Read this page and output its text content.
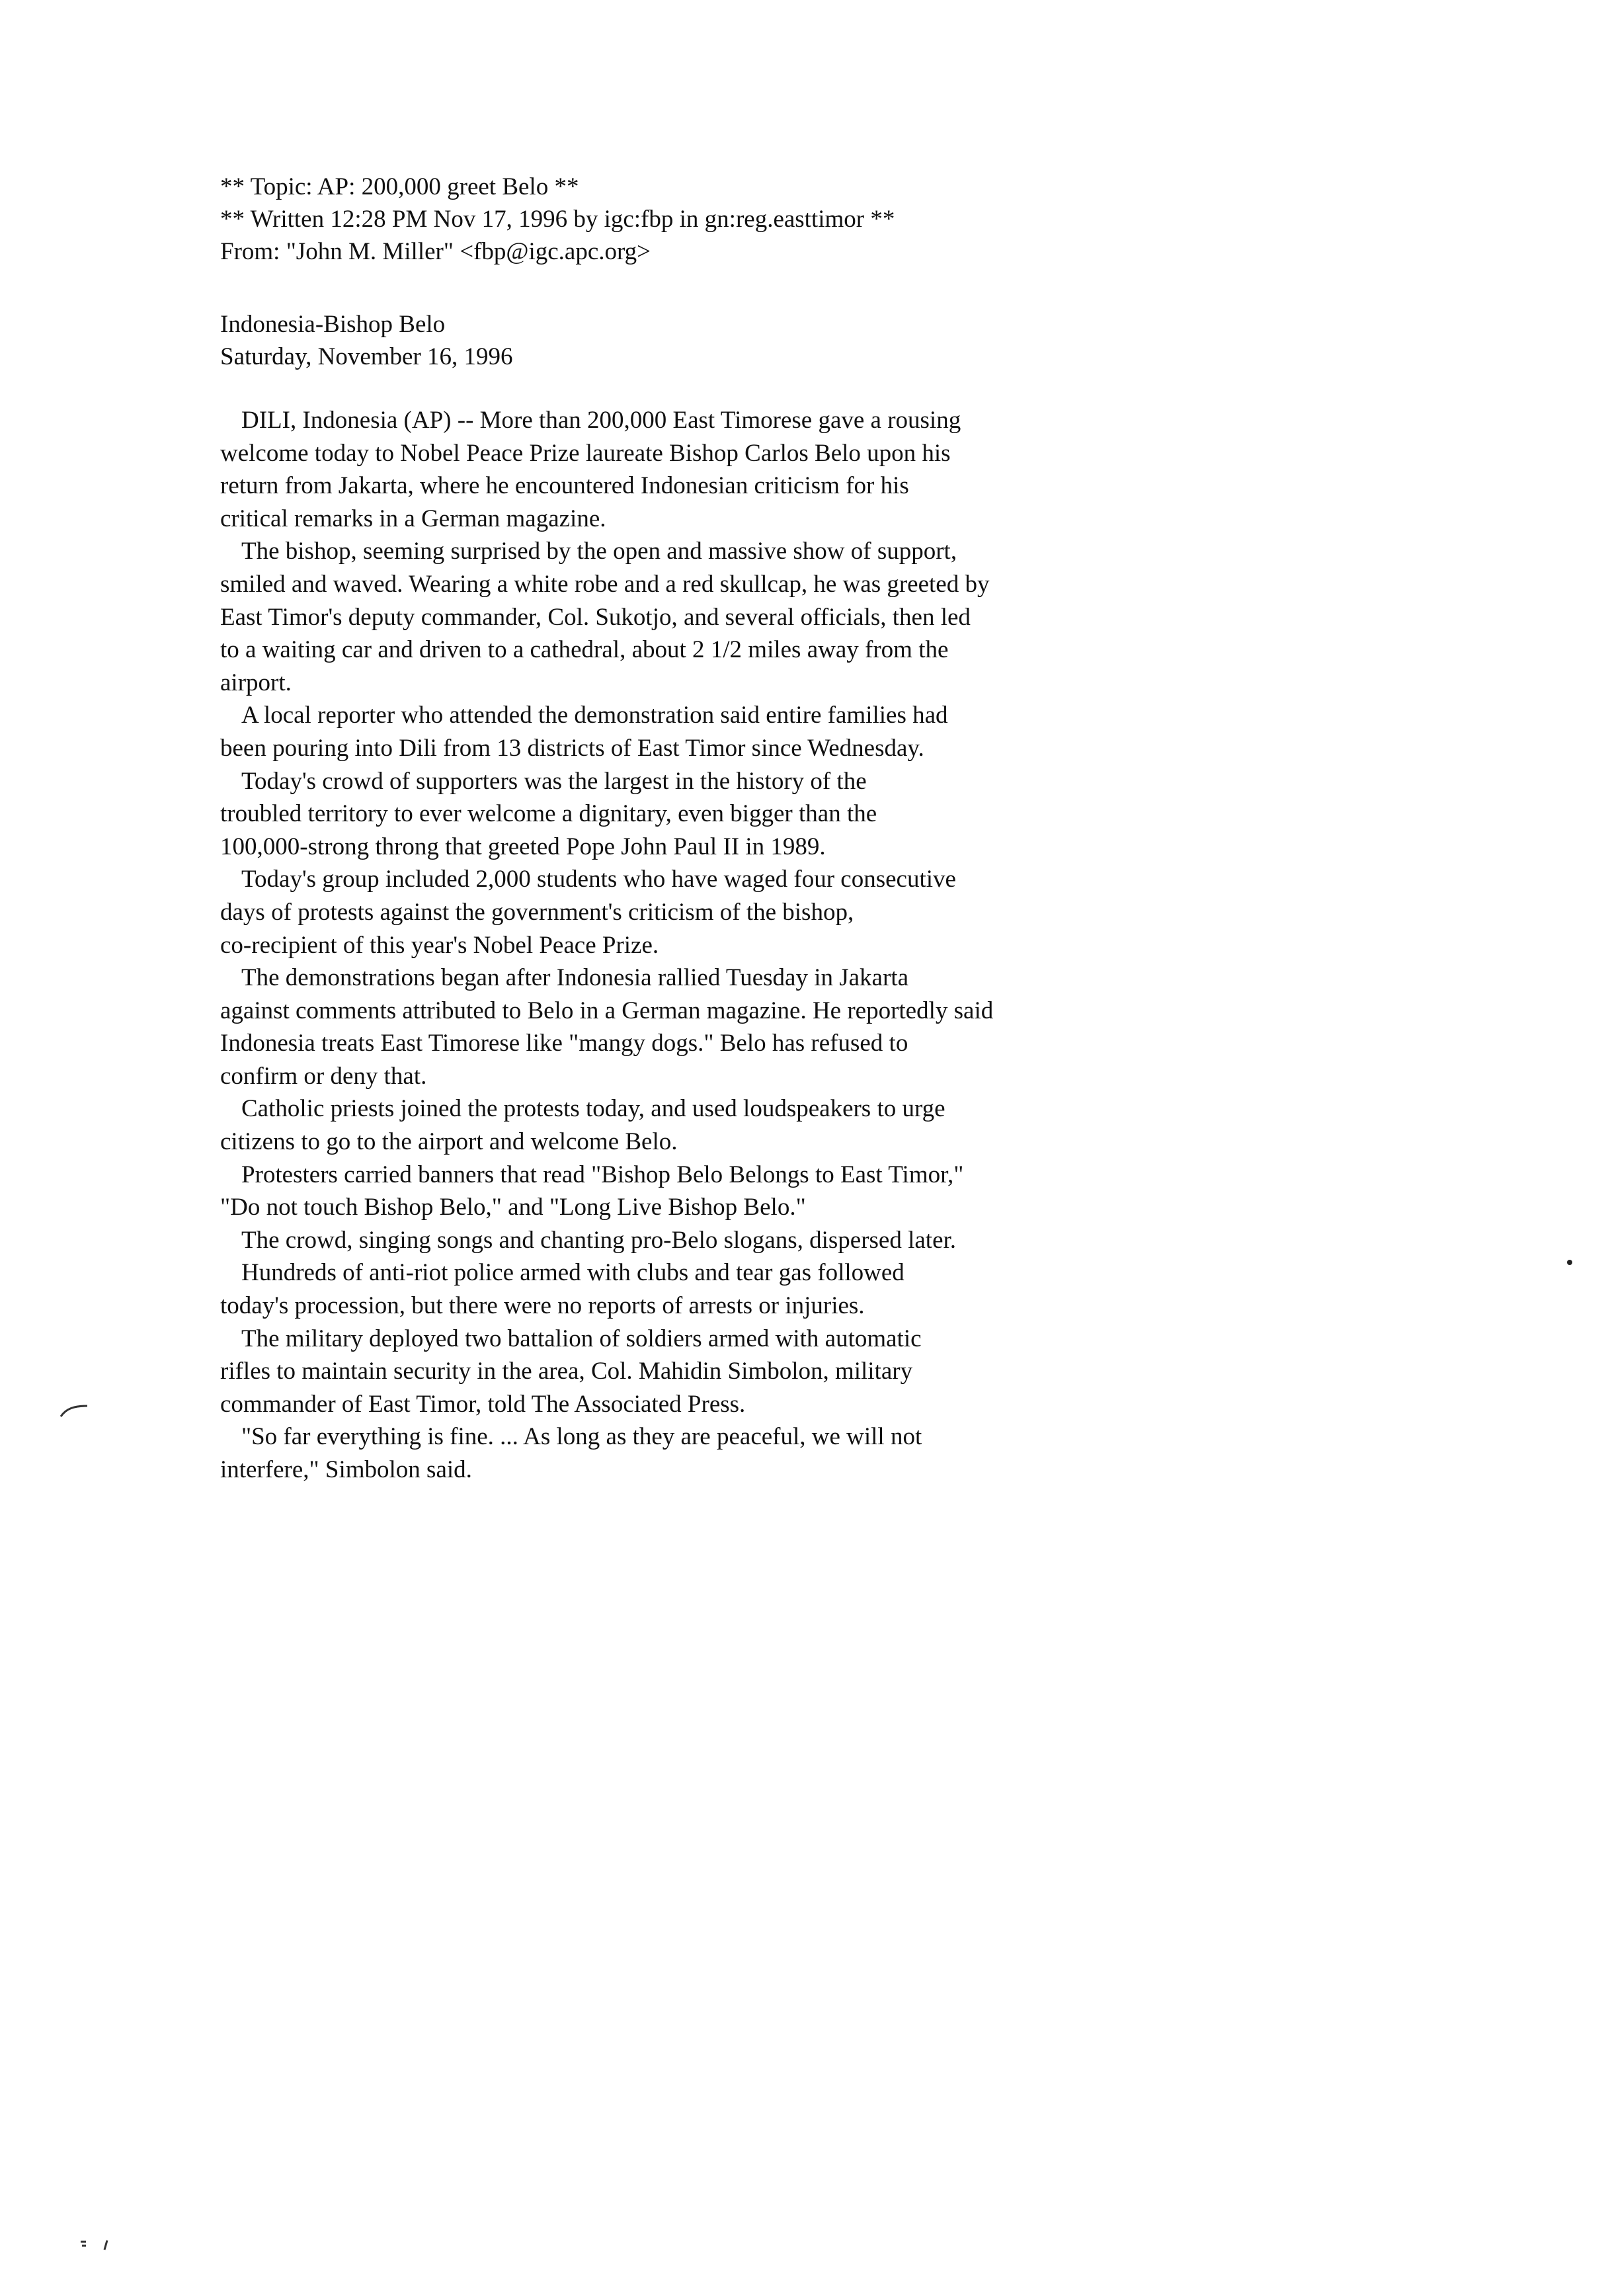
** Topic: AP: 200,000 greet Belo **
** Written 12:28 PM Nov 17, 1996 by igc:fbp in gn:reg.easttimor **
From: "John M. Miller" <fbp@igc.apc.org>
Indonesia-Bishop Belo
Saturday, November 16, 1996

DILI, Indonesia (AP) -- More than 200,000 East Timorese gave a rousing
welcome today to Nobel Peace Prize laureate Bishop Carlos Belo upon his
return from Jakarta, where he encountered Indonesian criticism for his
critical remarks in a German magazine.

The bishop, seeming surprised by the open and massive show of support,
smiled and waved. Wearing a white robe and a red skullcap, he was greeted by
East Timor's deputy commander, Col. Sukotjo, and several officials, then led
to a waiting car and driven to a cathedral, about 2 1/2 miles away from the
airport.

A local reporter who attended the demonstration said entire families had
been pouring into Dili from 13 districts of East Timor since Wednesday.

Today's crowd of supporters was the largest in the history of the
troubled territory to ever welcome a dignitary, even bigger than the
100,000-strong throng that greeted Pope John Paul II in 1989.

Today's group included 2,000 students who have waged four consecutive
days of protests against the government's criticism of the bishop,
co-recipient of this year's Nobel Peace Prize.

The demonstrations began after Indonesia rallied Tuesday in Jakarta
against comments attributed to Belo in a German magazine. He reportedly said
Indonesia treats East Timorese like "mangy dogs." Belo has refused to
confirm or deny that.

Catholic priests joined the protests today, and used loudspeakers to urge
citizens to go to the airport and welcome Belo.

Protesters carried banners that read "Bishop Belo Belongs to East Timor,"
"Do not touch Bishop Belo," and "Long Live Bishop Belo."

The crowd, singing songs and chanting pro-Belo slogans, dispersed later.

Hundreds of anti-riot police armed with clubs and tear gas followed
today's procession, but there were no reports of arrests or injuries.

The military deployed two battalion of soldiers armed with automatic
rifles to maintain security in the area, Col. Mahidin Simbolon, military
commander of East Timor, told The Associated Press.

"So far everything is fine. ... As long as they are peaceful, we will not
interfere," Simbolon said.
